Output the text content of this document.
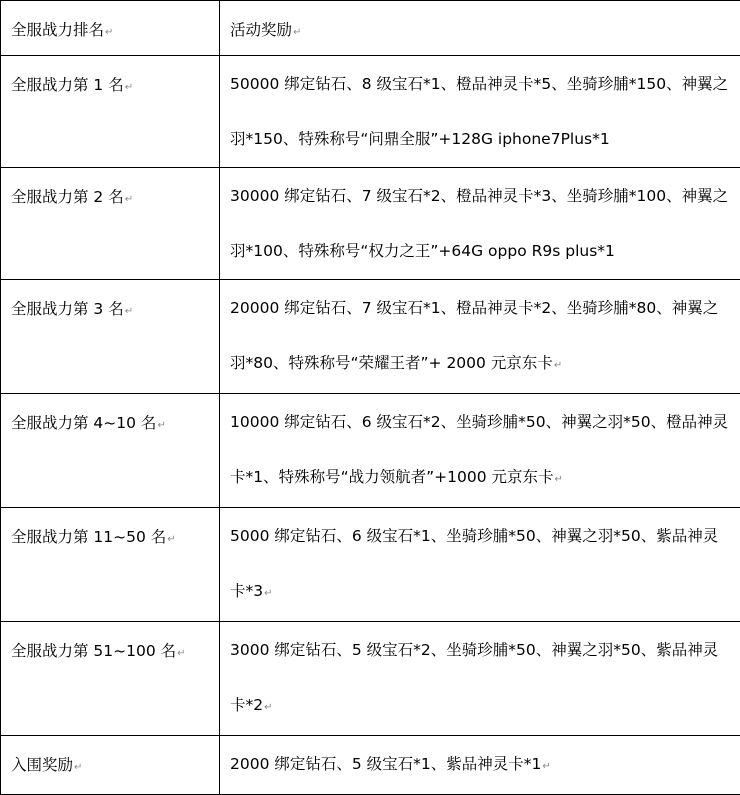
全服战力排名↵	活动奖励↵

全服战力第 1 名↵	50000 绑定钻石、8 级宝石*1、橙品神灵卡*5、坐骑珍脯*150、神翼之羽*150、特殊称号“问鼎全服”+128G iphone7Plus*1

全服战力第 2 名↵	30000 绑定钻石、7 级宝石*2、橙品神灵卡*3、坐骑珍脯*100、神翼之羽*100、特殊称号“权力之王”+64G oppo R9s plus*1

全服战力第 3 名↵	20000 绑定钻石、7 级宝石*1、橙品神灵卡*2、坐骑珍脯*80、神翼之羽*80、特殊称号“荣耀王者”+ 2000 元京东卡↵

全服战力第 4~10 名↵	10000 绑定钻石、6 级宝石*2、坐骑珍脯*50、神翼之羽*50、橙品神灵卡*1、特殊称号“战力领航者”+1000 元京东卡↵

全服战力第 11~50 名↵	5000 绑定钻石、6 级宝石*1、坐骑珍脯*50、神翼之羽*50、紫品神灵卡*3↵

全服战力第 51~100 名↵	3000 绑定钻石、5 级宝石*2、坐骑珍脯*50、神翼之羽*50、紫品神灵卡*2↵

入围奖励↵	2000 绑定钻石、5 级宝石*1、紫品神灵卡*1↵
